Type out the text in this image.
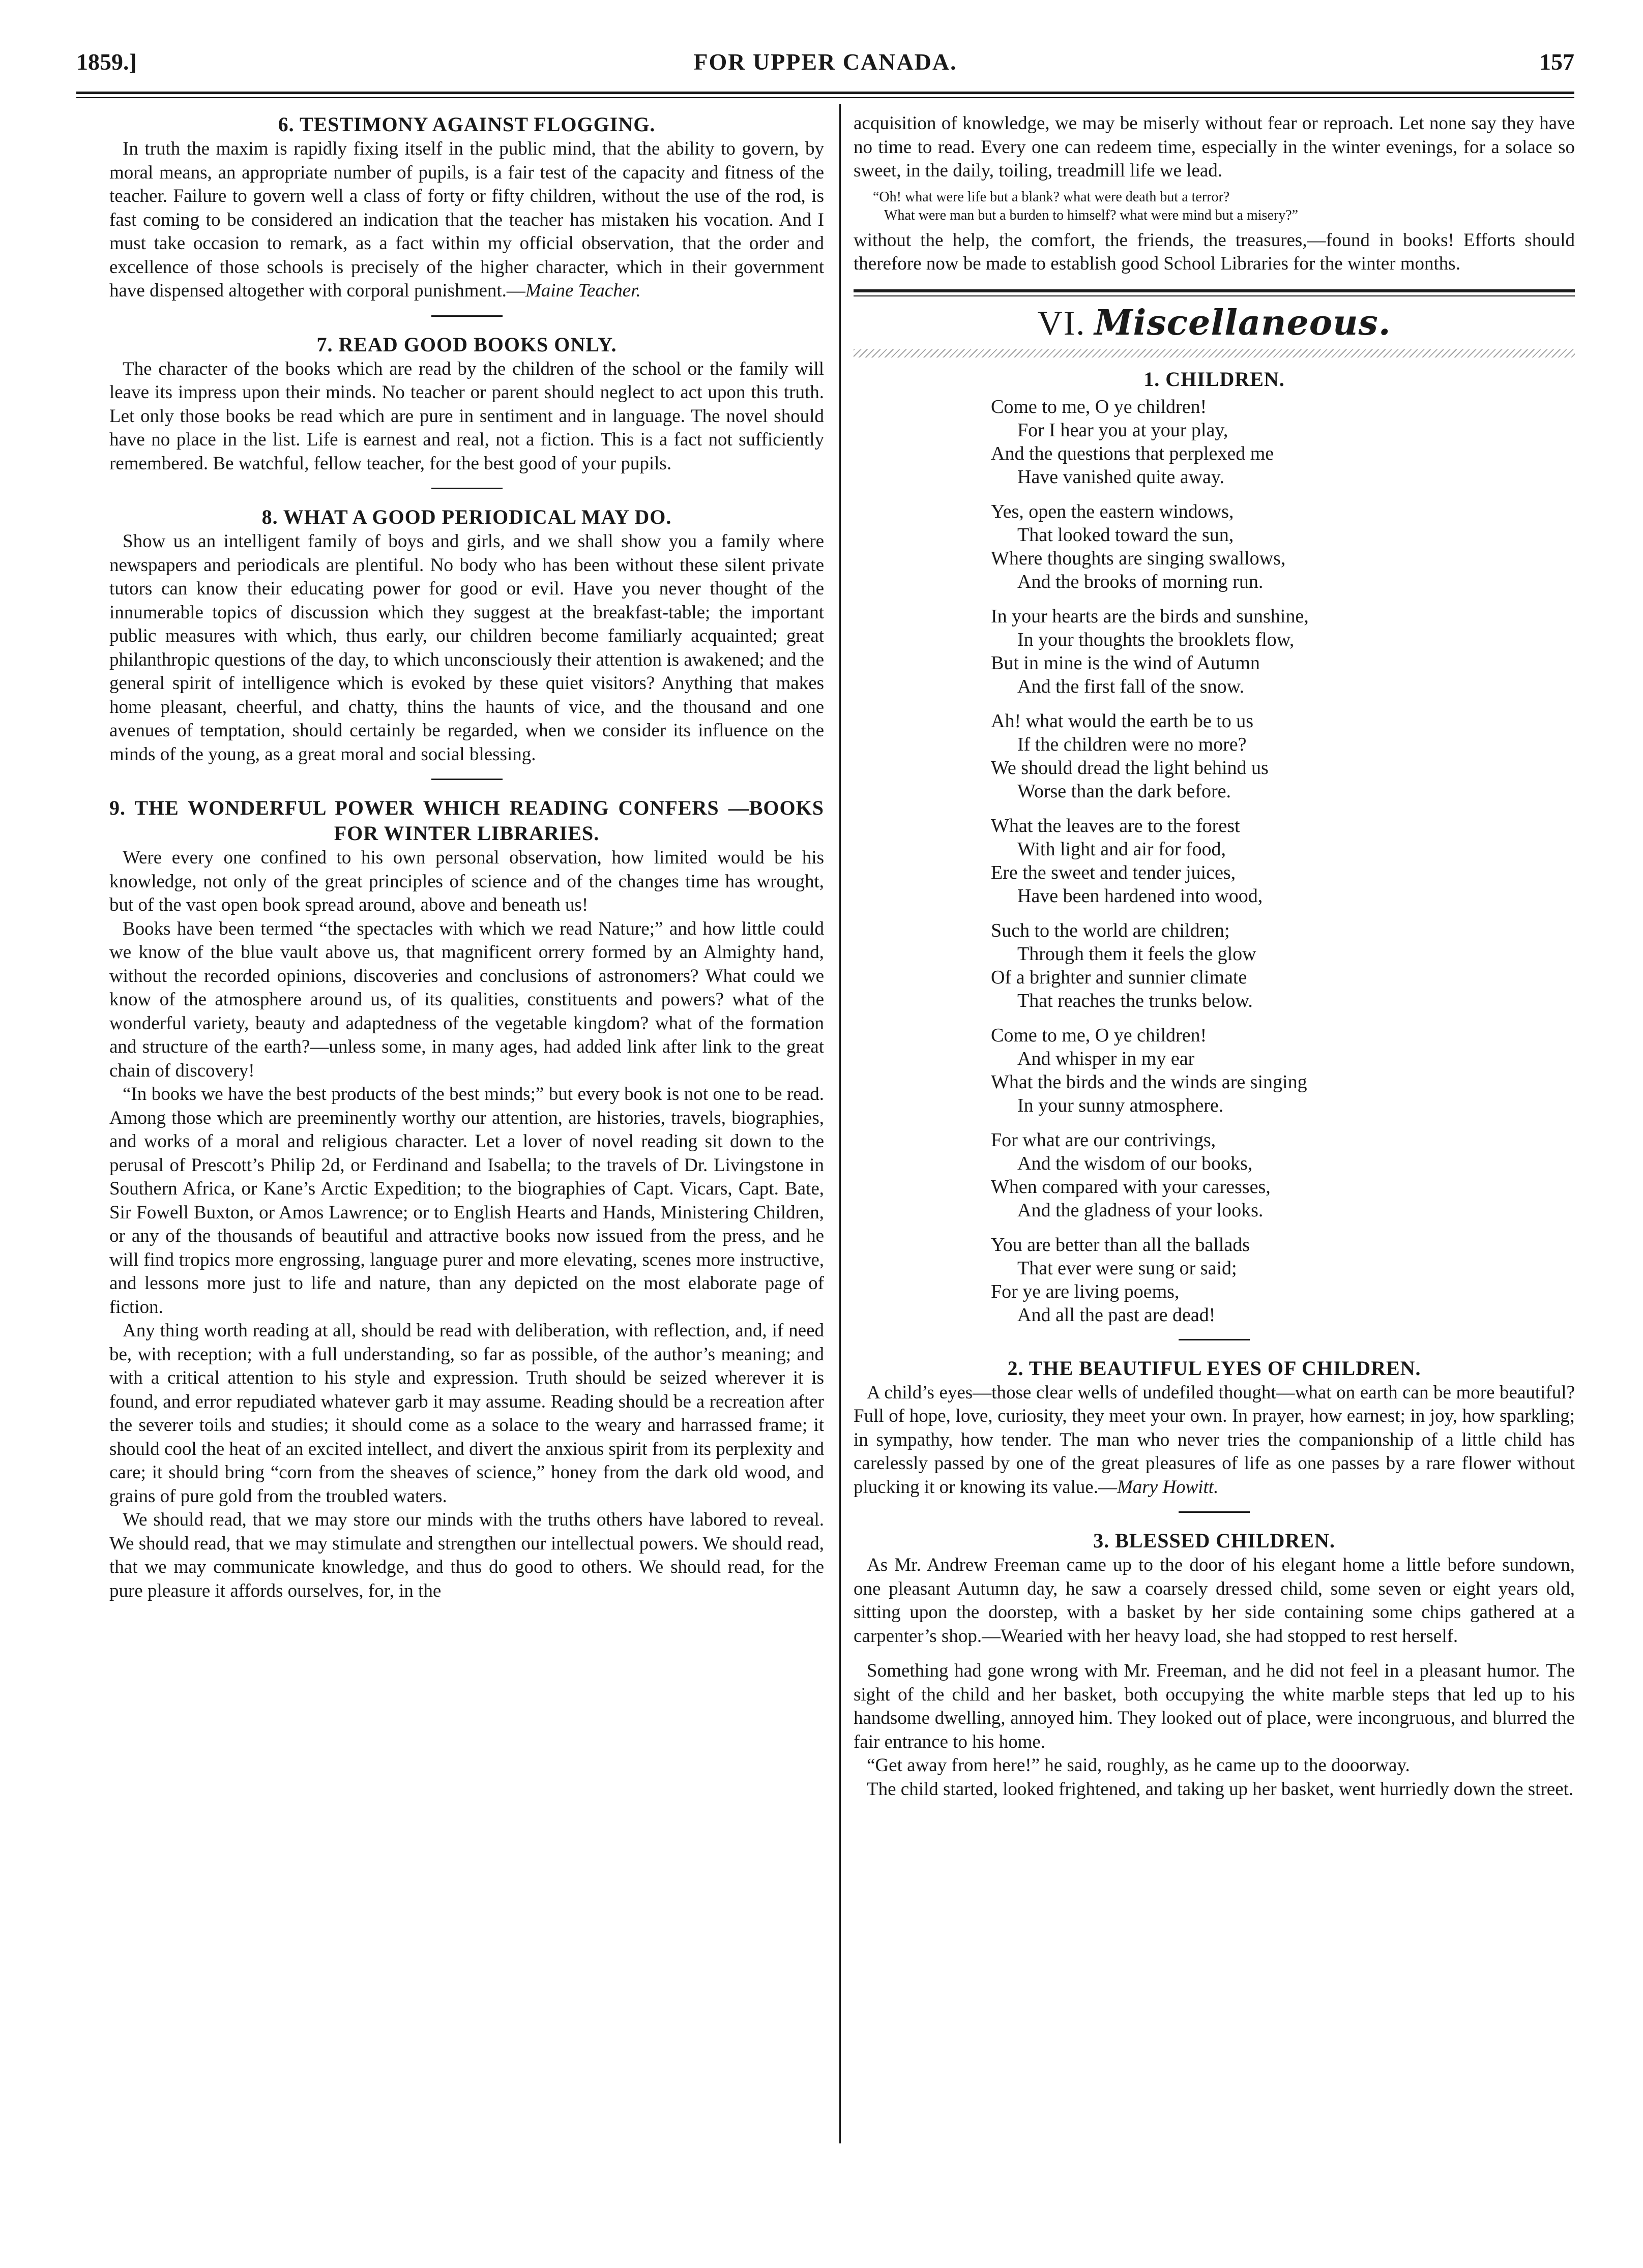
1859.]	FOR UPPER CANADA.	157
6. TESTIMONY AGAINST FLOGGING.

In truth the maxim is rapidly fixing itself in the public mind, that the ability to govern, by moral means, an appropriate number of pupils, is a fair test of the capacity and fitness of the teacher. Failure to govern well a class of forty or fifty children, without the use of the rod, is fast coming to be considered an indication that the teacher has mistaken his vocation. And I must take occasion to remark, as a fact within my official observation, that the order and excellence of those schools is precisely of the higher character, which in their government have dispensed altogether with corporal punishment.—Maine Teacher.

7. READ GOOD BOOKS ONLY.

The character of the books which are read by the children of the school or the family will leave its impress upon their minds. No teacher or parent should neglect to act upon this truth. Let only those books be read which are pure in sentiment and in language. The novel should have no place in the list. Life is earnest and real, not a fiction. This is a fact not sufficiently remembered. Be watchful, fellow teacher, for the best good of your pupils.

8. WHAT A GOOD PERIODICAL MAY DO.

Show us an intelligent family of boys and girls, and we shall show you a family where newspapers and periodicals are plentiful. No body who has been without these silent private tutors can know their educating power for good or evil. Have you never thought of the innumerable topics of discussion which they suggest at the breakfast-table; the important public measures with which, thus early, our children become familiarly acquainted; great philanthropic questions of the day, to which unconsciously their attention is awakened; and the general spirit of intelligence which is evoked by these quiet visitors? Anything that makes home pleasant, cheerful, and chatty, thins the haunts of vice, and the thousand and one avenues of temptation, should certainly be regarded, when we consider its influence on the minds of the young, as a great moral and social blessing.

9. THE WONDERFUL POWER WHICH READING CONFERS —BOOKS FOR WINTER LIBRARIES.

Were every one confined to his own personal observation, how limited would be his knowledge, not only of the great principles of science and of the changes time has wrought, but of the vast open book spread around, above and beneath us!

Books have been termed “the spectacles with which we read Nature;” and how little could we know of the blue vault above us, that magnificent orrery formed by an Almighty hand, without the recorded opinions, discoveries and conclusions of astronomers? What could we know of the atmosphere around us, of its qualities, constituents and powers? what of the wonderful variety, beauty and adaptedness of the vegetable kingdom? what of the formation and structure of the earth?—unless some, in many ages, had added link after link to the great chain of discovery!

“In books we have the best products of the best minds;” but every book is not one to be read. Among those which are preeminently worthy our attention, are histories, travels, biographies, and works of a moral and religious character. Let a lover of novel reading sit down to the perusal of Prescott’s Philip 2d, or Ferdinand and Isabella; to the travels of Dr. Livingstone in Southern Africa, or Kane’s Arctic Expedition; to the biographies of Capt. Vicars, Capt. Bate, Sir Fowell Buxton, or Amos Lawrence; or to English Hearts and Hands, Ministering Children, or any of the thousands of beautiful and attractive books now issued from the press, and he will find tropics more engrossing, language purer and more elevating, scenes more instructive, and lessons more just to life and nature, than any depicted on the most elaborate page of fiction.

Any thing worth reading at all, should be read with deliberation, with reflection, and, if need be, with reception; with a full understanding, so far as possible, of the author’s meaning; and with a critical attention to his style and expression. Truth should be seized wherever it is found, and error repudiated whatever garb it may assume. Reading should be a recreation after the severer toils and studies; it should come as a solace to the weary and harrassed frame; it should cool the heat of an excited intellect, and divert the anxious spirit from its perplexity and care; it should bring “corn from the sheaves of science,” honey from the dark old wood, and grains of pure gold from the troubled waters.

We should read, that we may store our minds with the truths others have labored to reveal. We should read, that we may stimulate and strengthen our intellectual powers. We should read, that we may communicate knowledge, and thus do good to others. We should read, for the pure pleasure it affords ourselves, for, in the

acquisition of knowledge, we may be miserly without fear or reproach. Let none say they have no time to read. Every one can redeem time, especially in the winter evenings, for a solace so sweet, in the daily, toiling, treadmill life we lead.

“Oh! what were life but a blank? what were death but a terror?
What were man but a burden to himself? what were mind but a misery?”

without the help, the comfort, the friends, the treasures,—found in books! Efforts should therefore now be made to establish good School Libraries for the winter months.

VI. Miscellaneous.
1. CHILDREN.
Come to me, O ye children!
For I hear you at your play,
And the questions that perplexed me
Have vanished quite away.
Yes, open the eastern windows,
That looked toward the sun,
Where thoughts are singing swallows,
And the brooks of morning run.
In your hearts are the birds and sunshine,
In your thoughts the brooklets flow,
But in mine is the wind of Autumn
And the first fall of the snow.
Ah! what would the earth be to us
If the children were no more?
We should dread the light behind us
Worse than the dark before.
What the leaves are to the forest
With light and air for food,
Ere the sweet and tender juices,
Have been hardened into wood,
Such to the world are children;
Through them it feels the glow
Of a brighter and sunnier climate
That reaches the trunks below.
Come to me, O ye children!
And whisper in my ear
What the birds and the winds are singing
In your sunny atmosphere.
For what are our contrivings,
And the wisdom of our books,
When compared with your caresses,
And the gladness of your looks.
You are better than all the ballads
That ever were sung or said;
For ye are living poems,
And all the past are dead!
2. THE BEAUTIFUL EYES OF CHILDREN.

A child’s eyes—those clear wells of undefiled thought—what on earth can be more beautiful? Full of hope, love, curiosity, they meet your own. In prayer, how earnest; in joy, how sparkling; in sympathy, how tender. The man who never tries the companionship of a little child has carelessly passed by one of the great pleasures of life as one passes by a rare flower without plucking it or knowing its value.—Mary Howitt.

3. BLESSED CHILDREN.

As Mr. Andrew Freeman came up to the door of his elegant home a little before sundown, one pleasant Autumn day, he saw a coarsely dressed child, some seven or eight years old, sitting upon the doorstep, with a basket by her side containing some chips gathered at a carpenter’s shop.—Wearied with her heavy load, she had stopped to rest herself.

Something had gone wrong with Mr. Freeman, and he did not feel in a pleasant humor. The sight of the child and her basket, both occupying the white marble steps that led up to his handsome dwelling, annoyed him. They looked out of place, were incongruous, and blurred the fair entrance to his home.

“Get away from here!” he said, roughly, as he came up to the dooorway.

The child started, looked frightened, and taking up her basket, went hurriedly down the street.
